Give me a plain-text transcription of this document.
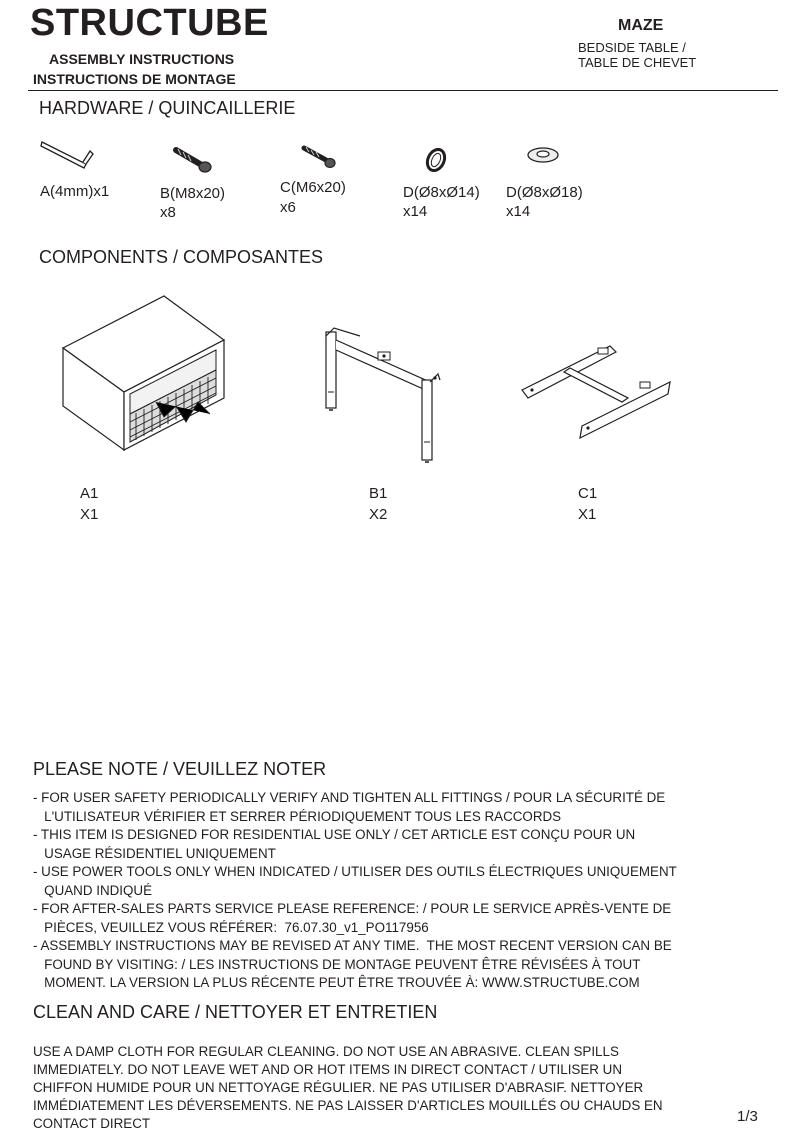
STRUCTUBE
ASSEMBLY INSTRUCTIONS
INSTRUCTIONS DE MONTAGE
MAZE
BEDSIDE TABLE /
TABLE DE CHEVET
HARDWARE / QUINCAILLERIE
A(4mm)x1	B(M8x20)
x8
C(M6x20)
x6
D(Ø8xØ14)
x14
D(Ø8xØ18)
x14
COMPONENTS / COMPOSANTES
A1
X1
B1
X2
C1
X1
PLEASE NOTE / VEUILLEZ NOTER
- FOR USER SAFETY PERIODICALLY VERIFY AND TIGHTEN ALL FITTINGS / POUR LA SÉCURITÉ DE
L'UTILISATEUR VÉRIFIER ET SERRER PÉRIODIQUEMENT TOUS LES RACCORDS
- THIS ITEM IS DESIGNED FOR RESIDENTIAL USE ONLY / CET ARTICLE EST CONÇU POUR UN
USAGE RÉSIDENTIEL UNIQUEMENT
- USE POWER TOOLS ONLY WHEN INDICATED / UTILISER DES OUTILS ÉLECTRIQUES UNIQUEMENT
QUAND INDIQUÉ
- FOR AFTER-SALES PARTS SERVICE PLEASE REFERENCE: / POUR LE SERVICE APRÈS-VENTE DE
PIÈCES, VEUILLEZ VOUS RÉFÉRER:  76.07.30_v1_PO117956
- ASSEMBLY INSTRUCTIONS MAY BE REVISED AT ANY TIME.  THE MOST RECENT VERSION CAN BE
FOUND BY VISITING: / LES INSTRUCTIONS DE MONTAGE PEUVENT ÊTRE RÉVISÉES À TOUT
MOMENT. LA VERSION LA PLUS RÉCENTE PEUT ÊTRE TROUVÉE À: WWW.STRUCTUBE.COM
CLEAN AND CARE / NETTOYER ET ENTRETIEN
USE A DAMP CLOTH FOR REGULAR CLEANING. DO NOT USE AN ABRASIVE. CLEAN SPILLS
IMMEDIATELY. DO NOT LEAVE WET AND OR HOT ITEMS IN DIRECT CONTACT / UTILISER UN
CHIFFON HUMIDE POUR UN NETTOYAGE RÉGULIER. NE PAS UTILISER D'ABRASIF. NETTOYER
IMMÉDIATEMENT LES DÉVERSEMENTS. NE PAS LAISSER D'ARTICLES MOUILLÉS OU CHAUDS EN
CONTACT DIRECT	1/3
